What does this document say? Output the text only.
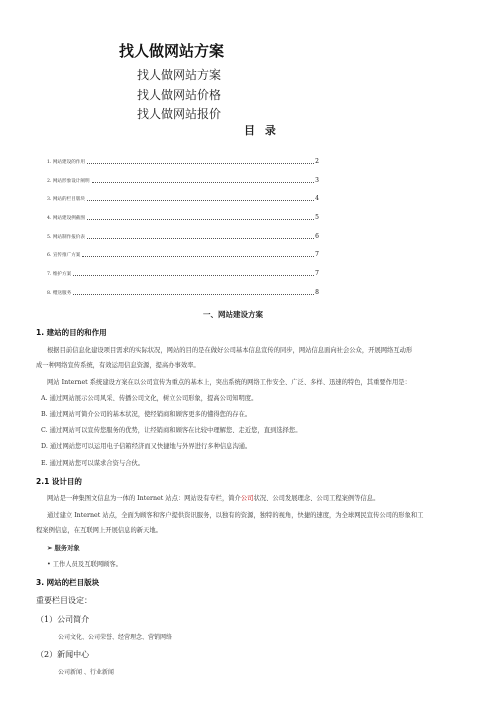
找人做网站方案
找人做网站方案
找人做网站价格
找人做网站报价
目 录
1. 网站建设的作用	2
2. 网站形象设计阐明	3
3. 网站的栏目版块	4
4. 网站建设例截图	5
5. 网站制作报价表	6
6. 宣传推广方案	7
7. 维护方案	7
8. 赠送服务	8
一、网站建设方案
1. 建站的目的和作用
根据目前信息化建设项目需求的实际状况，网站的目的是在做好公司基本信息宣传的同步，网站信息面向社会公众，开展网络互动形
成一种网络宣传系统，有效运用信息资源，提高办事效率。
网站 Internet 系统建设方案在以公司宣传为重点的基本上，突出系统的网络工作安全、广泛、多样、迅速的特色，其重要作用是：
A. 通过网站展示公司风采、传播公司文化，树立公司形象，提高公司知明度。
B. 通过网站可简介公司的基本状况，使经销商和顾客更多的懂得您的存在。
C. 通过网站可以宣传您服务的优势，让经销商和顾客在比较中理解您、走近您，直到选择您。
D. 通过网站您可以运用电子信箱经济而又快捷地与外界进行多种信息沟通。
E. 通过网站您可以谋求合资与合伙。
2.1 设计目的
网站是一种集图文信息为一体的 Internet 站点：网站设有专栏，简介公司状况、公司发展理念、公司工程案例等信息。
通过建立 Internet 站点，全面为顾客和客户提供资讯服务，以独有的资源，独特的视角，快捷的速度，为全球网民宣传公司的形象和工
程案例信息，在互联网上开展信息的新天地。
➢ 服务对象
• 工作人员及互联网顾客。
3. 网站的栏目版块
重要栏目设定：
（1）公司简介
公司文化、公司荣誉、经营理念、营销网络
（2）新闻中心
公司新闻 、行业新闻
